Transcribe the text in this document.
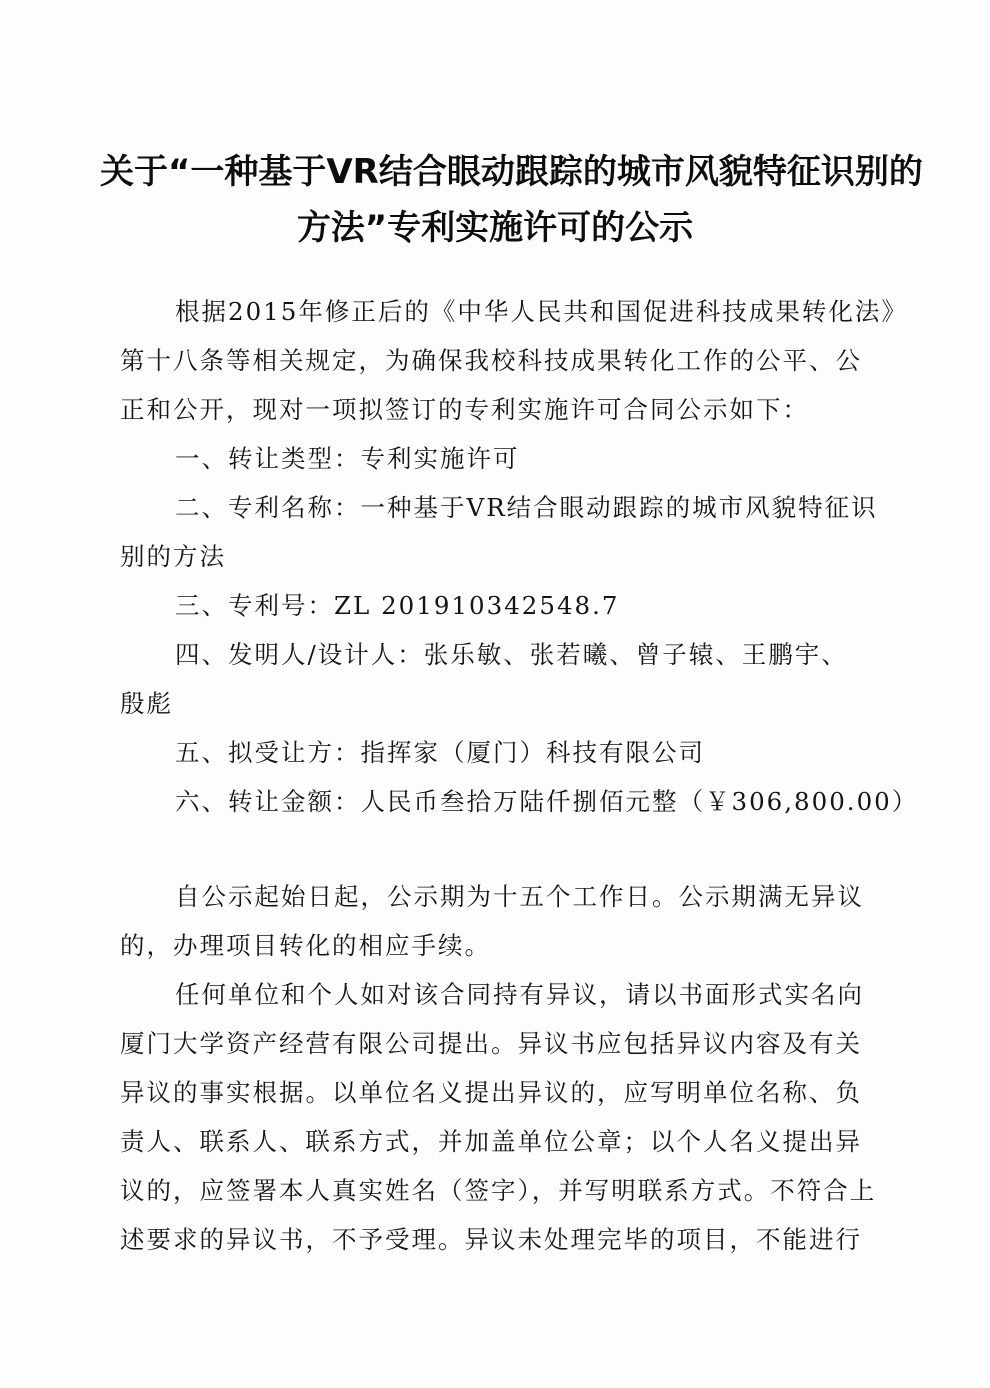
关于“一种基于VR结合眼动跟踪的城市风貌特征识别的
方法”专利实施许可的公示
根据2015年修正后的《中华人民共和国促进科技成果转化法》
第十八条等相关规定，为确保我校科技成果转化工作的公平、公
正和公开，现对一项拟签订的专利实施许可合同公示如下：
一、转让类型：专利实施许可
二、专利名称：一种基于VR结合眼动跟踪的城市风貌特征识
别的方法
三、专利号：ZL 201910342548.7
四、发明人/设计人：张乐敏、张若曦、曾子辕、王鹏宇、
殷彪
五、拟受让方：指挥家（厦门）科技有限公司
六、转让金额：人民币叁拾万陆仟捌佰元整（￥306,800.00）
自公示起始日起，公示期为十五个工作日。公示期满无异议
的，办理项目转化的相应手续。
任何单位和个人如对该合同持有异议，请以书面形式实名向
厦门大学资产经营有限公司提出。异议书应包括异议内容及有关
异议的事实根据。以单位名义提出异议的，应写明单位名称、负
责人、联系人、联系方式，并加盖单位公章；以个人名义提出异
议的，应签署本人真实姓名（签字），并写明联系方式。不符合上
述要求的异议书，不予受理。异议未处理完毕的项目，不能进行
